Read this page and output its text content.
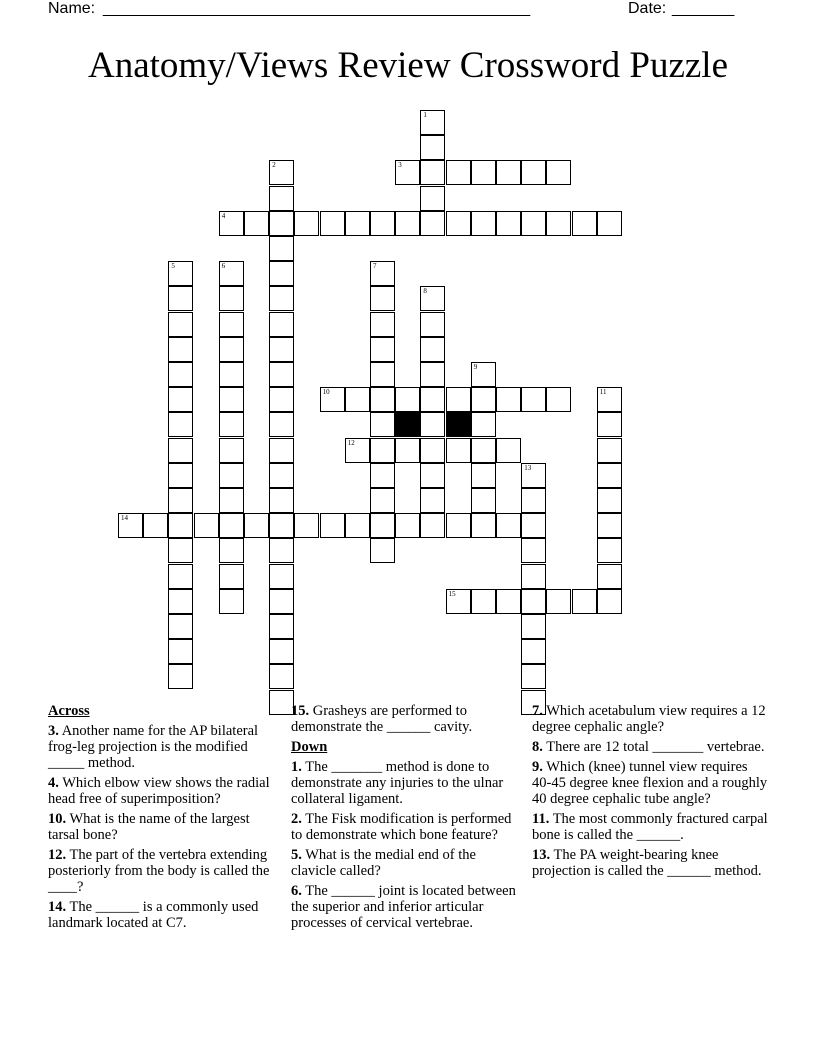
Name: ________________________________________________	Date: _______
Anatomy/Views Review Crossword Puzzle
1
2	3
4
5	6	7
8
9
10	11
12
13
14
15
Across
3. Another name for the AP bilateral frog-leg projection is the modified _____ method.
4. Which elbow view shows the radial head free of superimposition?
10. What is the name of the largest tarsal bone?
12. The part of the vertebra extending posteriorly from the body is called the ____?
14. The ______ is a commonly used landmark located at C7.
15. Grasheys are performed to demonstrate the ______ cavity.
Down
1. The _______ method is done to demonstrate any injuries to the ulnar collateral ligament.
2. The Fisk modification is performed to demonstrate which bone feature?
5. What is the medial end of the clavicle called?
6. The ______ joint is located between the superior and inferior articular processes of cervical vertebrae.
7. Which acetabulum view requires a 12 degree cephalic angle?
8. There are 12 total _______ vertebrae.
9. Which (knee) tunnel view requires 40-45 degree knee flexion and a roughly 40 degree cephalic tube angle?
11. The most commonly fractured carpal bone is called the ______.
13. The PA weight-bearing knee projection is called the ______ method.
